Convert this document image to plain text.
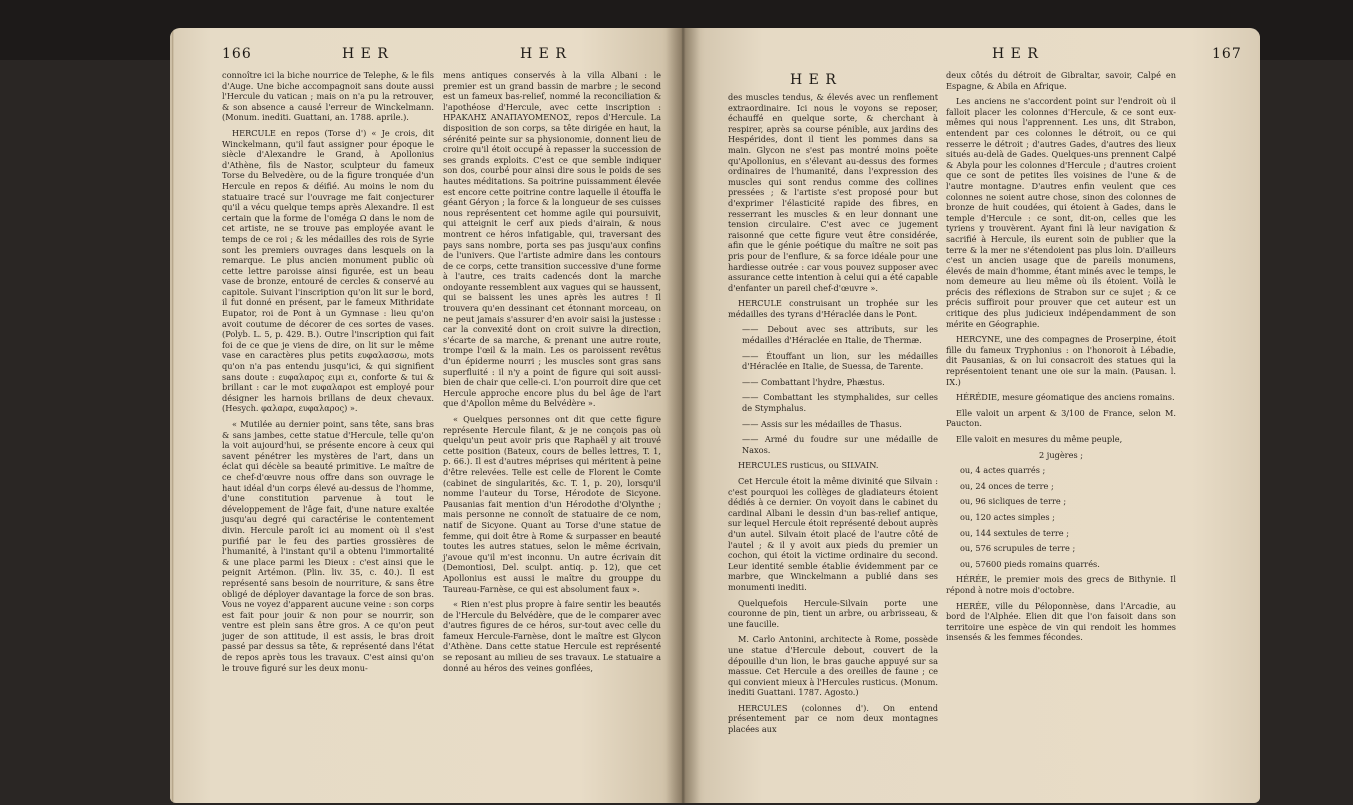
166	H E R	H E R

connoître ici la biche nourrice de Telephe, & le fils d'Auge. Une biche accompagnoit sans doute aussi l'Hercule du vatican ; mais on n'a pu la retrouver, & son absence a causé l'erreur de Winckelmann. (Monum. inediti. Guattani, an. 1788. aprile.).

HERCULE en repos (Torse d') « Je crois, dit Winckelmann, qu'il faut assigner pour époque le siècle d'Alexandre le Grand, à Apollonius d'Athène, fils de Nastor, sculpteur du fameux Torse du Belvedère, ou de la figure tronquée d'un Hercule en repos & déifié. Au moins le nom du statuaire tracé sur l'ouvrage me fait conjecturer qu'il a vécu quelque temps après Alexandre. Il est certain que la forme de l'oméga Ω dans le nom de cet artiste, ne se trouve pas employée avant le temps de ce roi ; & les médailles des rois de Syrie sont les premiers ouvrages dans lesquels on la remarque. Le plus ancien monument public où cette lettre paroisse ainsi figurée, est un beau vase de bronze, entouré de cercles & conservé au capitole. Suivant l'inscription qu'on lit sur le bord, il fut donné en présent, par le fameux Mithridate Eupator, roi de Pont à un Gymnase : lieu qu'on avoit coutume de décorer de ces sortes de vases. (Polyb. L. 5, p. 429. B.). Outre l'inscription qui fait foi de ce que je viens de dire, on lit sur le même vase en caractères plus petits ευφαλασσω, mots qu'on n'a pas entendu jusqu'ici, & qui signifient sans doute : ευφαλαρος ειμι ει, conforte & tui & brillant : car le mot ευφαλαροι est employé pour désigner les harnois brillans de deux chevaux. (Hesych. φαλαρα, ευφαλαρος) ».

« Mutilée au dernier point, sans tête, sans bras & sans jambes, cette statue d'Hercule, telle qu'on la voit aujourd'hui, se présente encore à ceux qui savent pénétrer les mystères de l'art, dans un éclat qui décèle sa beauté primitive. Le maître de ce chef-d'œuvre nous offre dans son ouvrage le haut idéal d'un corps élevé au-dessus de l'homme, d'une constitution parvenue à tout le développement de l'âge fait, d'une nature exaltée jusqu'au degré qui caractérise le contentement divin. Hercule paroît ici au moment où il s'est purifié par le feu des parties grossières de l'humanité, à l'instant qu'il a obtenu l'immortalité & une place parmi les Dieux : c'est ainsi que le peignit Artémon. (Plin. liv. 35, c. 40.). Il est représenté sans besoin de nourriture, & sans être obligé de déployer davantage la force de son bras. Vous ne voyez d'apparent aucune veine : son corps est fait pour jouir & non pour se nourrir, son ventre est plein sans être gros. A ce qu'on peut juger de son attitude, il est assis, le bras droit passé par dessus sa tête, & représenté dans l'état de repos après tous les travaux. C'est ainsi qu'on le trouve figuré sur les deux monu-

mens antiques conservés à la villa Albani : le premier est un grand bassin de marbre ; le second est un fameux bas-relief, nommé la reconciliation & l'apothéose d'Hercule, avec cette inscription : ΗΡΑΚΛΗΣ ΑΝΑΠΑΥΟΜΕΝΟΣ, repos d'Hercule. La disposition de son corps, sa tête dirigée en haut, la sérénité peinte sur sa physionomie, donnent lieu de croire qu'il étoit occupé à repasser la succession de ses grands exploits. C'est ce que semble indiquer son dos, courbé pour ainsi dire sous le poids de ses hautes méditations. Sa poitrine puissamment élevée est encore cette poitrine contre laquelle il étouffa le géant Géryon ; la force & la longueur de ses cuisses nous représentent cet homme agile qui poursuivit, qui atteignit le cerf aux pieds d'airain, & nous montrent ce héros infatigable, qui, traversant des pays sans nombre, porta ses pas jusqu'aux confins de l'univers. Que l'artiste admire dans les contours de ce corps, cette transition successive d'une forme à l'autre, ces traits cadencés dont la marche ondoyante ressemblent aux vagues qui se haussent, qui se baissent les unes après les autres ! Il trouvera qu'en dessinant cet étonnant morceau, on ne peut jamais s'assurer d'en avoir saisi la justesse : car la convexité dont on croit suivre la direction, s'écarte de sa marche, & prenant une autre route, trompe l'œil & la main. Les os paroissent revêtus d'un épiderme nourri ; les muscles sont gras sans superfluité : il n'y a point de figure qui soit aussi-bien de chair que celle-ci. L'on pourroit dire que cet Hercule approche encore plus du bel âge de l'art que d'Apollon même du Belvédère ».

« Quelques personnes ont dit que cette figure représente Hercule filant, & je ne conçois pas où quelqu'un peut avoir pris que Raphaël y ait trouvé cette position (Bateux, cours de belles lettres, T. 1, p. 66.). Il est d'autres méprises qui méritent à peine d'être relevées. Telle est celle de Florent le Comte (cabinet de singularités, &c. T. 1, p. 20), lorsqu'il nomme l'auteur du Torse, Hérodote de Sicyone. Pausanias fait mention d'un Hérodothe d'Olynthe ; mais personne ne connoît de statuaire de ce nom, natif de Sicyone. Quant au Torse d'une statue de femme, qui doit être à Rome & surpasser en beauté toutes les autres statues, selon le même écrivain, j'avoue qu'il m'est inconnu. Un autre écrivain dit (Demontiosi, Del. sculpt. antiq. p. 12), que cet Apollonius est aussi le maître du grouppe du Taureau-Farnèse, ce qui est absolument faux ».

« Rien n'est plus propre à faire sentir les beautés de l'Hercule du Belvédère, que de le comparer avec d'autres figures de ce héros, sur-tout avec celle du fameux Hercule-Farnèse, dont le maître est Glycon d'Athène. Dans cette statue Hercule est représenté se reposant au milieu de ses travaux. Le statuaire a donné au héros des veines gonflées,

H E R
H E R	167

des muscles tendus, & élevés avec un renflement extraordinaire. Ici nous le voyons se reposer, échauffé en quelque sorte, & cherchant à respirer, après sa course pénible, aux jardins des Hespérides, dont il tient les pommes dans sa main. Glycon ne s'est pas montré moins poëte qu'Apollonius, en s'élevant au-dessus des formes ordinaires de l'humanité, dans l'expression des muscles qui sont rendus comme des collines pressées ; & l'artiste s'est proposé pour but d'exprimer l'élasticité rapide des fibres, en resserrant les muscles & en leur donnant une tension circulaire. C'est avec ce jugement raisonné que cette figure veut être considérée, afin que le génie poétique du maître ne soit pas pris pour de l'enflure, & sa force idéale pour une hardiesse outrée : car vous pouvez supposer avec assurance cette intention à celui qui a été capable d'enfanter un pareil chef-d'œuvre ».

HERCULE construisant un trophée sur les médailles des tyrans d'Héraclée dans le Pont.

—— Debout avec ses attributs, sur les médailles d'Héraclée en Italie, de Thermæ.

—— Étouffant un lion, sur les médailles d'Héraclée en Italie, de Suessa, de Tarente.

—— Combattant l'hydre, Phæstus.

—— Combattant les stymphalides, sur celles de Stymphalus.

—— Assis sur les médailles de Thasus.

—— Armé du foudre sur une médaille de Naxos.

HERCULES rusticus, ou SILVAIN.

Cet Hercule étoit la même divinité que Silvain : c'est pourquoi les collèges de gladiateurs étoient dédiés à ce dernier. On voyoit dans le cabinet du cardinal Albani le dessin d'un bas-relief antique, sur lequel Hercule étoit représenté debout auprès d'un autel. Silvain étoit placé de l'autre côté de l'autel ; & il y avoit aux pieds du premier un cochon, qui étoit la victime ordinaire du second. Leur identité semble établie évidemment par ce marbre, que Winckelmann a publié dans ses monumenti inediti.

Quelquefois Hercule-Silvain porte une couronne de pin, tient un arbre, ou arbrisseau, & une faucille.

M. Carlo Antonini, architecte à Rome, possède une statue d'Hercule debout, couvert de la dépouille d'un lion, le bras gauche appuyé sur sa massue. Cet Hercule a des oreilles de faune ; ce qui convient mieux à l'Hercules rusticus. (Monum. inediti Guattani. 1787. Agosto.)

HERCULES (colonnes d'). On entend présentement par ce nom deux montagnes placées aux

deux côtés du détroit de Gibraltar, savoir, Calpé en Espagne, & Abila en Afrique.

Les anciens ne s'accordent point sur l'endroit où il falloit placer les colonnes d'Hercule, & ce sont eux-mêmes qui nous l'apprennent. Les uns, dit Strabon, entendent par ces colonnes le détroit, ou ce qui resserre le détroit ; d'autres Gades, d'autres des lieux situés au-delà de Gades. Quelques-uns prennent Calpé & Abyla pour les colonnes d'Hercule ; d'autres croient que ce sont de petites îles voisines de l'une & de l'autre montagne. D'autres enfin veulent que ces colonnes ne soient autre chose, sinon des colonnes de bronze de huit coudées, qui étoient à Gades, dans le temple d'Hercule : ce sont, dit-on, celles que les tyriens y trouvèrent. Ayant fini là leur navigation & sacrifié à Hercule, ils eurent soin de publier que la terre & la mer ne s'étendoient pas plus loin. D'ailleurs c'est un ancien usage que de pareils monumens, élevés de main d'homme, étant minés avec le temps, le nom demeure au lieu même où ils étoient. Voilà le précis des réflexions de Strabon sur ce sujet ; & ce précis suffiroit pour prouver que cet auteur est un critique des plus judicieux indépendamment de son mérite en Géographie.

HERCYNE, une des compagnes de Proserpine, étoit fille du fameux Tryphonius : on l'honoroit à Lébadie, dit Pausanias, & on lui consacroit des statues qui la représentoient tenant une oie sur la main. (Pausan. l. IX.)

HÉRÉDIE, mesure géomatique des anciens romains.

Elle valoit un arpent & 3/100 de France, selon M. Paucton.

Elle valoit en mesures du même peuple,

2 jugères ;

ou, 4 actes quarrés ;

ou, 24 onces de terre ;

ou, 96 sicliques de terre ;

ou, 120 actes simples ;

ou, 144 sextules de terre ;

ou, 576 scrupules de terre ;

ou, 57600 pieds romains quarrés.

HÉRÉE, le premier mois des grecs de Bithynie. Il répond à notre mois d'octobre.

HERÉE, ville du Péloponnèse, dans l'Arcadie, au bord de l'Alphée. Elien dit que l'on faisoit dans son territoire une espèce de vin qui rendoit les hommes insensés & les femmes fécondes.
